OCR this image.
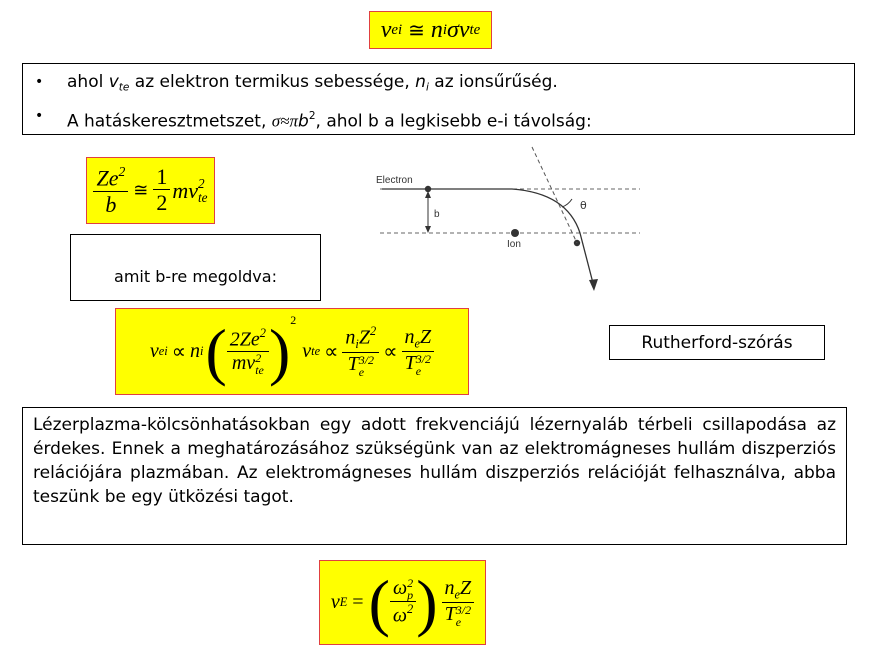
ν ei ≅ n i σ v te
• ahol $v_{te}$ az elektron termikus sebessége, $n_i$ az ionsűrűség.
• A hatáskeresztmetszet, $\sigma\approx\pi b^2$, ahol b a legkisebb e-i távolság:
$\frac{Ze^2}{b}$ ≅ $\frac{1}{2}$ mv 2
te
amit b-re megoldva:
Electron
Ion
b
θ
ν ei ∝ n i ( 2Ze$^2$
mv 2
te ) 2
v te ∝ $n_iZ^2$
T 3/2
$e \propto n_eZ$
T 3/2
e	Rutherford-szórás
Lézerplazma-kölcsönhatásokban egy adott frekvenciájú lézernyaláb térbeli csillapodása az érdekes. Ennek a meghatározásához szükségünk van az elektromágneses hullám diszperziós relációjára plazmában. Az elektromágneses hullám diszperziós relációját felhasználva, abba teszünk be egy ütközési tagot.
ν E = ( ω 2
p
$\omega^2$ ) $n_eZ$
T 3/2
e
